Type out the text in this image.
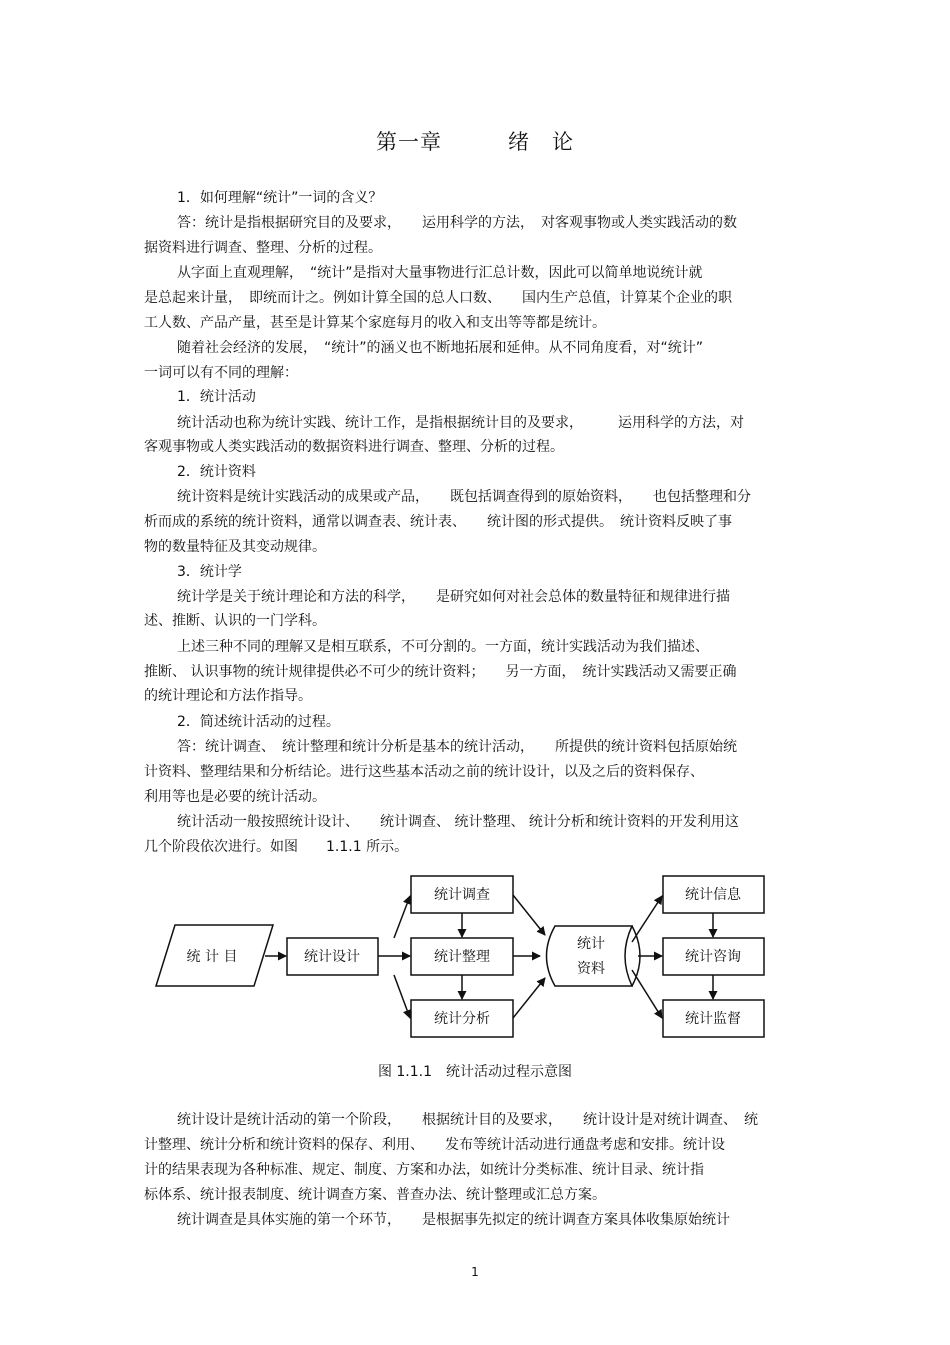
第一章　　　绪　论
1．如何理解“统计”一词的含义？
答：统计是指根据研究目的及要求，　　运用科学的方法，　对客观事物或人类实践活动的数
据资料进行调查、整理、分析的过程。
从字面上直观理解，　“统计”是指对大量事物进行汇总计数，因此可以简单地说统计就
是总起来计量，　即统而计之。例如计算全国的总人口数、　　国内生产总值，计算某个企业的职
工人数、产品产量，甚至是计算某个家庭每月的收入和支出等等都是统计。
随着社会经济的发展，　“统计”的涵义也不断地拓展和延伸。从不同角度看，对“统计”
一词可以有不同的理解：
1．统计活动
统计活动也称为统计实践、统计工作，是指根据统计目的及要求，　　　运用科学的方法，对
客观事物或人类实践活动的数据资料进行调查、整理、分析的过程。
2．统计资料
统计资料是统计实践活动的成果或产品，　　既包括调查得到的原始资料，　　也包括整理和分
析而成的系统的统计资料，通常以调查表、统计表、　　统计图的形式提供。　统计资料反映了事
物的数量特征及其变动规律。
3．统计学
统计学是关于统计理论和方法的科学，　　是研究如何对社会总体的数量特征和规律进行描
述、推断、认识的一门学科。
上述三种不同的理解又是相互联系，不可分割的。一方面，统计实践活动为我们描述、
推断、 认识事物的统计规律提供必不可少的统计资料；　　另一方面，　统计实践活动又需要正确
的统计理论和方法作指导。
2．简述统计活动的过程。
答：统计调查、　统计整理和统计分析是基本的统计活动，　　所提供的统计资料包括原始统
计资料、整理结果和分析结论。进行这些基本活动之前的统计设计，以及之后的资料保存、
利用等也是必要的统计活动。
统计活动一般按照统计设计、　　统计调查、 统计整理、 统计分析和统计资料的开发利用这
几个阶段依次进行。如图　　1.1.1 所示。
统 计 目	统计设计
统计调查
统计整理
统计分析
统计
资料
统计信息
统计咨询
统计监督
图 1.1.1　统计活动过程示意图
统计设计是统计活动的第一个阶段，　　根据统计目的及要求，　　统计设计是对统计调查、　统
计整理、统计分析和统计资料的保存、利用、　　发布等统计活动进行通盘考虑和安排。统计设
计的结果表现为各种标准、规定、制度、方案和办法，如统计分类标准、统计目录、统计指
标体系、统计报表制度、统计调查方案、普查办法、统计整理或汇总方案。
统计调查是具体实施的第一个环节，　　是根据事先拟定的统计调查方案具体收集原始统计
1
